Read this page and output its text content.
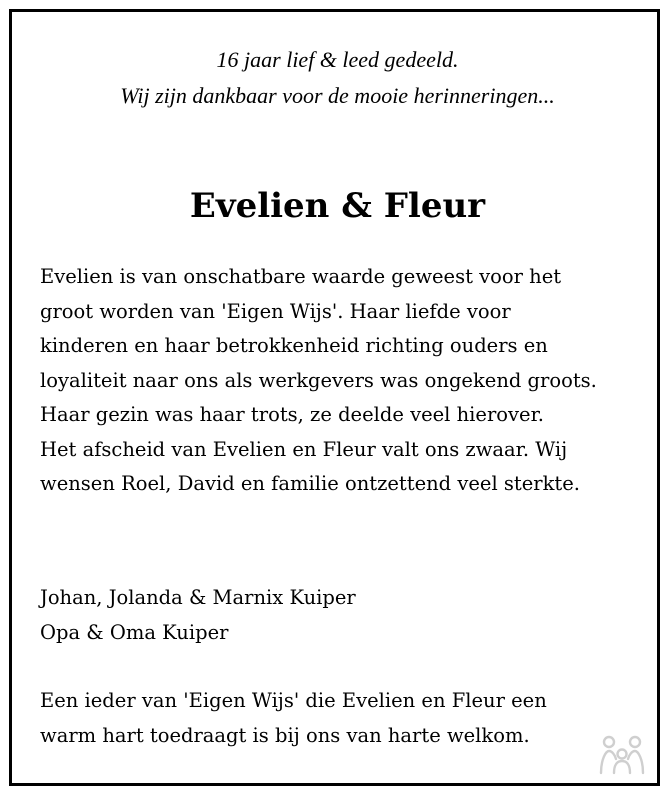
16 jaar lief & leed gedeeld.
Wij zijn dankbaar voor de mooie herinneringen...
Evelien & Fleur
Evelien is van onschatbare waarde geweest voor het
groot worden van 'Eigen Wijs'. Haar liefde voor
kinderen en haar betrokkenheid richting ouders en
loyaliteit naar ons als werkgevers was ongekend groots.
Haar gezin was haar trots, ze deelde veel hierover.
Het afscheid van Evelien en Fleur valt ons zwaar. Wij
wensen Roel, David en familie ontzettend veel sterkte.
Johan, Jolanda & Marnix Kuiper
Opa & Oma Kuiper
Een ieder van 'Eigen Wijs' die Evelien en Fleur een
warm hart toedraagt is bij ons van harte welkom.
